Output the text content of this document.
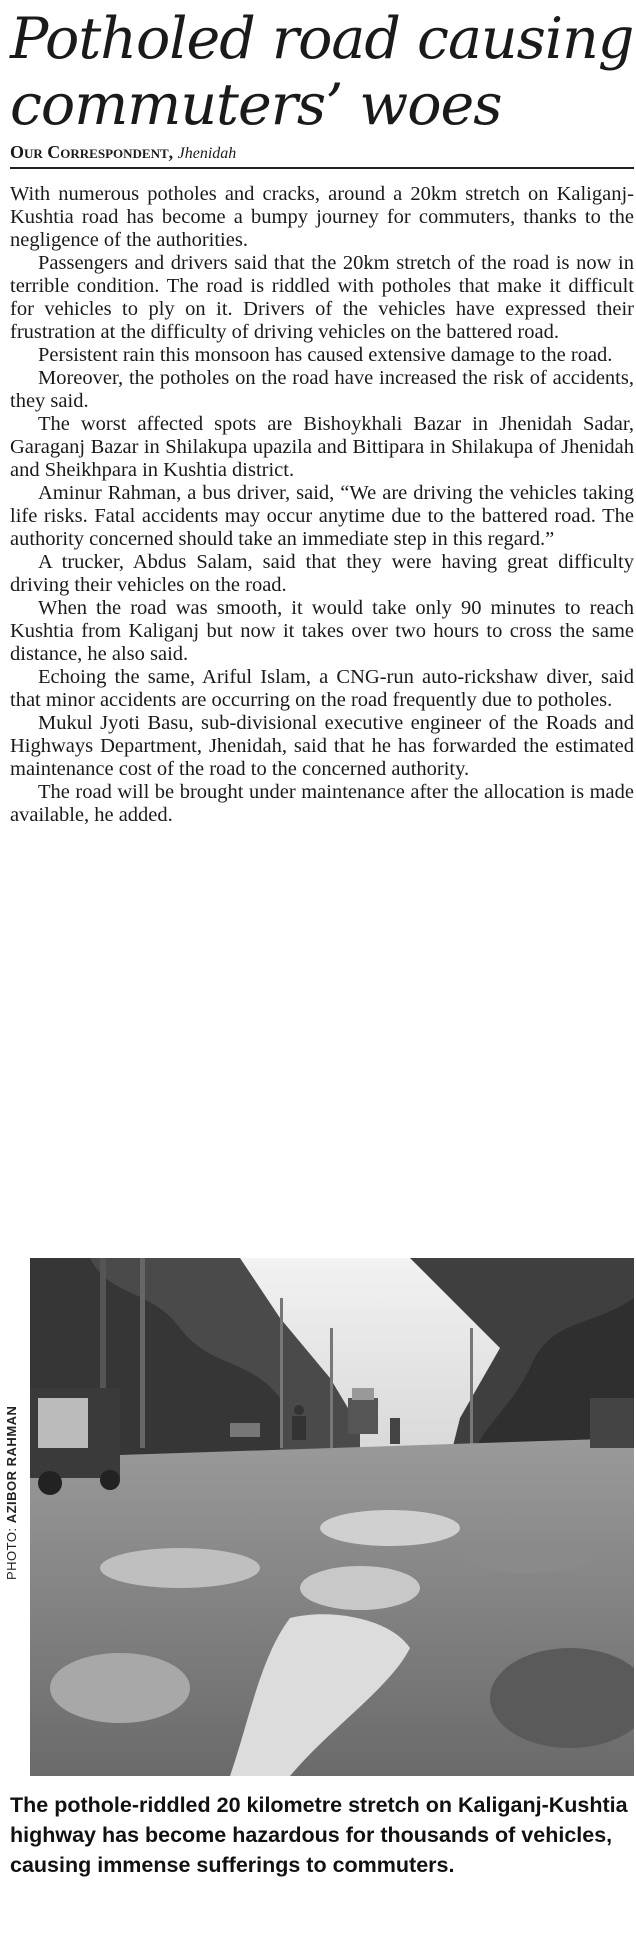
Potholed road causing commuters’ woes
Our Correspondent, Jhenidah

With numerous potholes and cracks, around a 20km stretch on Kaliganj- Kushtia road has become a bumpy journey for commuters, thanks to the negligence of the authorities.

Passengers and drivers said that the 20km stretch of the road is now in terrible condition. The road is riddled with potholes that make it difficult for vehicles to ply on it. Drivers of the vehicles have expressed their frustration at the difficulty of driving vehicles on the battered road.

Persistent rain this monsoon has caused extensive damage to the road.

Moreover, the potholes on the road have increased the risk of accidents, they said.

The worst affected spots are Bishoykhali Bazar in Jhenidah Sadar, Garaganj Bazar in Shilakupa upazila and Bittipara in Shilakupa of Jhenidah and Sheikhpara in Kushtia district.

Aminur Rahman, a bus driver, said, “We are driving the vehicles taking life risks. Fatal accidents may occur anytime due to the battered road. The authority concerned should take an immediate step in this regard.”

A trucker, Abdus Salam, said that they were having great difficulty driving their vehicles on the road.

When the road was smooth, it would take only 90 minutes to reach Kushtia from Kaliganj but now it takes over two hours to cross the same distance, he also said.

Echoing the same, Ariful Islam, a CNG-run auto-rickshaw diver, said that minor accidents are occurring on the road frequently due to potholes.

Mukul Jyoti Basu, sub-divisional executive engineer of the Roads and Highways Department, Jhenidah, said that he has forwarded the estimated maintenance cost of the road to the concerned authority.

The road will be brought under maintenance after the allocation is made available, he added.

PHOTO: AZIBOR RAHMAN
The pothole-riddled 20 kilometre stretch on Kaliganj-Kushtia highway has become hazardous for thousands of vehicles, causing immense sufferings to commuters.
